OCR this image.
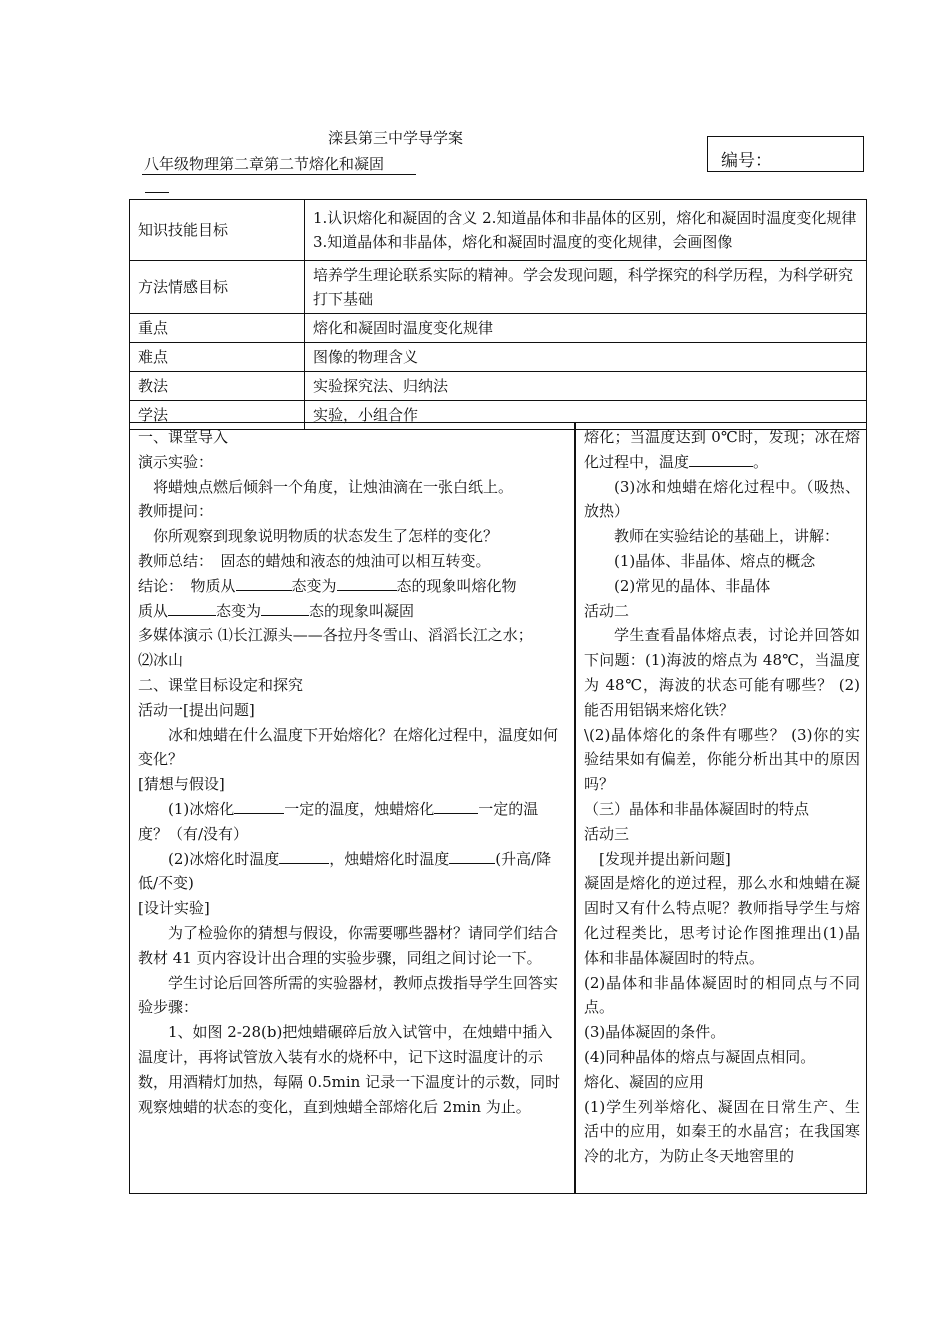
滦县第三中学导学案
八年级物理第二章第二节熔化和凝固	编号：
知识技能目标	1.认识熔化和凝固的含义 2.知道晶体和非晶体的区别，熔化和凝固时温度变化规律 3.知道晶体和非晶体，熔化和凝固时温度的变化规律，会画图像
方法情感目标	培养学生理论联系实际的精神。学会发现问题，科学探究的科学历程，为科学研究打下基础
重点	熔化和凝固时温度变化规律
难点	图像的物理含义
教法	实验探究法、归纳法
学法	实验，小组合作

一、课堂导入

演示实验：

将蜡烛点燃后倾斜一个角度，让烛油滴在一张白纸上。

教师提问：

你所观察到现象说明物质的状态发生了怎样的变化？

教师总结：　固态的蜡烛和液态的烛油可以相互转变。

结论：　物质从	态变为	态的现象叫熔化物

质从	态变为	态的现象叫凝固

多媒体演示 ⑴长江源头——各拉丹冬雪山、滔滔长江之水；

⑵冰山

二、课堂目标设定和探究

活动一[提出问题]

冰和烛蜡在什么温度下开始熔化？在熔化过程中，温度如何变化？

[猜想与假设]

(1)冰熔化	一定的温度，烛蜡熔化	一定的温度？（有/没有）

(2)冰熔化时温度	，烛蜡熔化时温度	(升高/降低/不变)

[设计实验]

为了检验你的猜想与假设，你需要哪些器材？请同学们结合教材 41 页内容设计出合理的实验步骤，同组之间讨论一下。

学生讨论后回答所需的实验器材，教师点拨指导学生回答实验步骤：

1、如图 2-28(b)把烛蜡碾碎后放入试管中，在烛蜡中插入温度计，再将试管放入装有水的烧杯中，记下这时温度计的示数，用酒精灯加热，每隔 0.5min 记录一下温度计的示数，同时观察烛蜡的状态的变化，直到烛蜡全部熔化后 2min 为止。

熔化；当温度达到 0℃时，发现；冰在熔化过程中，温度	。

(3)冰和烛蜡在熔化过程中。（吸热、放热）

教师在实验结论的基础上，讲解：

(1)晶体、非晶体、熔点的概念

(2)常见的晶体、非晶体

活动二

学生查看晶体熔点表，讨论并回答如下问题：(1)海波的熔点为 48℃，当温度为 48℃，海波的状态可能有哪些？ (2)能否用铝锅来熔化铁？

\(2)晶体熔化的条件有哪些？ (3)你的实验结果如有偏差，你能分析出其中的原因吗？

（三）晶体和非晶体凝固时的特点

活动三

[发现并提出新问题]

凝固是熔化的逆过程，那么水和烛蜡在凝固时又有什么特点呢？教师指导学生与熔化过程类比，思考讨论作图推理出(1)晶体和非晶体凝固时的特点。

(2)晶体和非晶体凝固时的相同点与不同点。

(3)晶体凝固的条件。

(4)同种晶体的熔点与凝固点相同。

熔化、凝固的应用

(1)学生列举熔化、凝固在日常生产、生活中的应用，如秦王的水晶宫；在我国寒冷的北方，为防止冬天地窖里的
